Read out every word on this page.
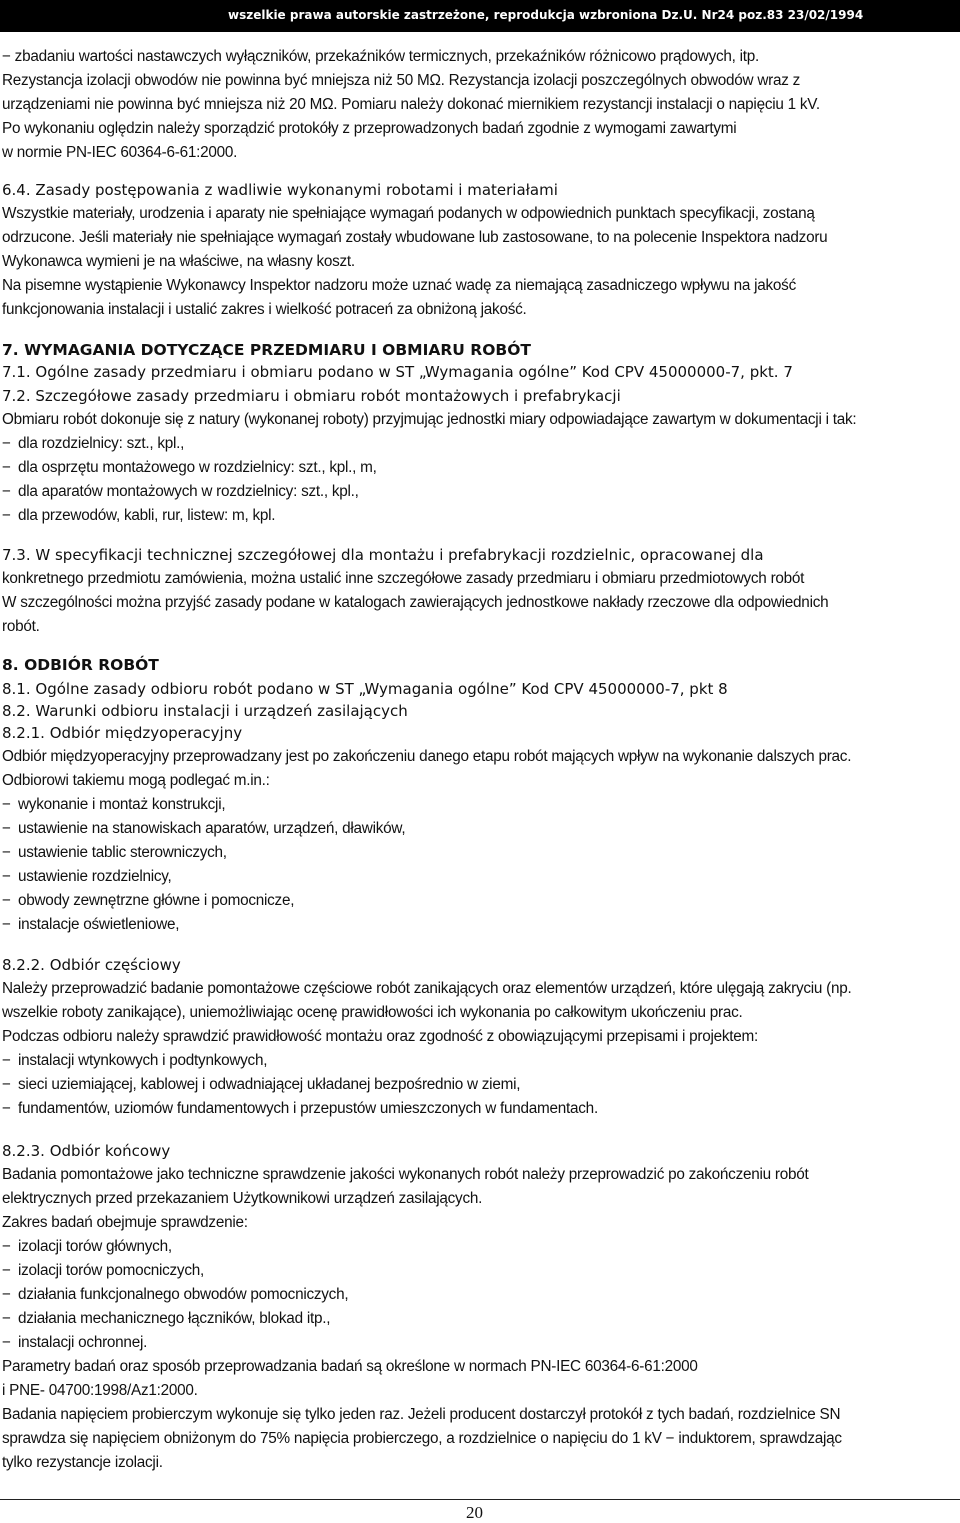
wszelkie prawa autorskie zastrzeżone, reprodukcja wzbroniona Dz.U. Nr24 poz.83 23/02/1994
− zbadaniu wartości nastawczych wyłączników, przekaźników termicznych, przekaźników różnicowo prądowych, itp.
Rezystancja izolacji obwodów nie powinna być mniejsza niż 50 MΩ. Rezystancja izolacji poszczególnych obwodów wraz z
urządzeniami nie powinna być mniejsza niż 20 MΩ. Pomiaru należy dokonać miernikiem rezystancji instalacji o napięciu 1 kV.
Po wykonaniu oględzin należy sporządzić protokóły z przeprowadzonych badań zgodnie z wymogami zawartymi
w normie PN-IEC 60364-6-61:2000.
6.4. Zasady postępowania z wadliwie wykonanymi robotami i materiałami
Wszystkie materiały, urodzenia i aparaty nie spełniające wymagań podanych w odpowiednich punktach specyfikacji, zostaną
odrzucone. Jeśli materiały nie spełniające wymagań zostały wbudowane lub zastosowane, to na polecenie Inspektora nadzoru
Wykonawca wymieni je na właściwe, na własny koszt.
Na pisemne wystąpienie Wykonawcy Inspektor nadzoru może uznać wadę za niemającą zasadniczego wpływu na jakość
funkcjonowania instalacji i ustalić zakres i wielkość potraceń za obniżoną jakość.
7. WYMAGANIA DOTYCZĄCE PRZEDMIARU I OBMIARU ROBÓT
7.1. Ogólne zasady przedmiaru i obmiaru podano w ST „Wymagania ogólne” Kod CPV 45000000-7, pkt. 7
7.2. Szczegółowe zasady przedmiaru i obmiaru robót montażowych i prefabrykacji
Obmiaru robót dokonuje się z natury (wykonanej roboty) przyjmując jednostki miary odpowiadające zawartym w dokumentacji i tak:
− dla rozdzielnicy: szt., kpl.,
− dla osprzętu montażowego w rozdzielnicy: szt., kpl., m,
− dla aparatów montażowych w rozdzielnicy: szt., kpl.,
− dla przewodów, kabli, rur, listew: m, kpl.
7.3. W specyfikacji technicznej szczegółowej dla montażu i prefabrykacji rozdzielnic, opracowanej dla
konkretnego przedmiotu zamówienia, można ustalić inne szczegółowe zasady przedmiaru i obmiaru przedmiotowych robót
W szczególności można przyjść zasady podane w katalogach zawierających jednostkowe nakłady rzeczowe dla odpowiednich
robót.
8. ODBIÓR ROBÓT
8.1. Ogólne zasady odbioru robót podano w ST „Wymagania ogólne” Kod CPV 45000000-7, pkt 8
8.2. Warunki odbioru instalacji i urządzeń zasilających
8.2.1. Odbiór międzyoperacyjny
Odbiór międzyoperacyjny przeprowadzany jest po zakończeniu danego etapu robót mających wpływ na wykonanie dalszych prac.
Odbiorowi takiemu mogą podlegać m.in.:
− wykonanie i montaż konstrukcji,
− ustawienie na stanowiskach aparatów, urządzeń, dławików,
− ustawienie tablic sterowniczych,
− ustawienie rozdzielnicy,
− obwody zewnętrzne główne i pomocnicze,
− instalacje oświetleniowe,
8.2.2. Odbiór częściowy
Należy przeprowadzić badanie pomontażowe częściowe robót zanikających oraz elementów urządzeń, które ulęgają zakryciu (np.
wszelkie roboty zanikające), uniemożliwiając ocenę prawidłowości ich wykonania po całkowitym ukończeniu prac.
Podczas odbioru należy sprawdzić prawidłowość montażu oraz zgodność z obowiązującymi przepisami i projektem:
− instalacji wtynkowych i podtynkowych,
− sieci uziemiającej, kablowej i odwadniającej układanej bezpośrednio w ziemi,
− fundamentów, uziomów fundamentowych i przepustów umieszczonych w fundamentach.
8.2.3. Odbiór końcowy
Badania pomontażowe jako techniczne sprawdzenie jakości wykonanych robót należy przeprowadzić po zakończeniu robót
elektrycznych przed przekazaniem Użytkownikowi urządzeń zasilających.
Zakres badań obejmuje sprawdzenie:
− izolacji torów głównych,
− izolacji torów pomocniczych,
− działania funkcjonalnego obwodów pomocniczych,
− działania mechanicznego łączników, blokad itp.,
− instalacji ochronnej.
Parametry badań oraz sposób przeprowadzania badań są określone w normach PN-IEC 60364-6-61:2000
i PNE- 04700:1998/Az1:2000.
Badania napięciem probierczym wykonuje się tylko jeden raz. Jeżeli producent dostarczył protokół z tych badań, rozdzielnice SN
sprawdza się napięciem obniżonym do 75% napięcia probierczego, a rozdzielnice o napięciu do 1 kV − induktorem, sprawdzając
tylko rezystancje izolacji.
20
